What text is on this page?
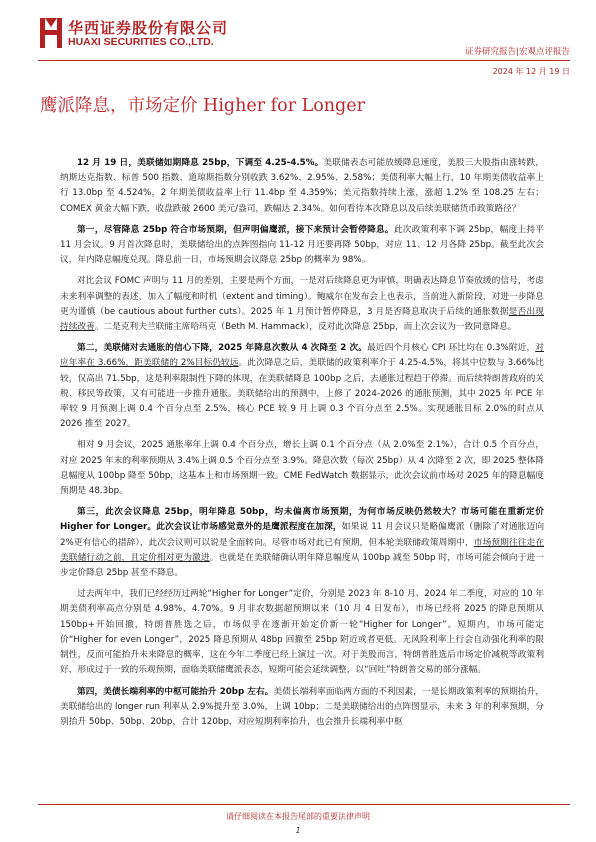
华西证券股份有限公司
HUAXI SECURITIES CO.,LTD.
证券研究报告|宏观点评报告
2024 年 12 月 19 日
鹰派降息，市场定价 Higher for Longer

12 月 19 日，美联储如期降息 25bp，下调至 4.25-4.5%。美联储表态可能放缓降息速度，美股三大股指由涨转跌，纳斯达克指数、标普 500 指数、道琼斯指数分别收跌 3.62%、2.95%、2.58%；美债利率大幅上行，10 年期美债收益率上行 13.0bp 至 4.524%，2 年期美债收益率上行 11.4bp 至 4.359%；美元指数持续上涨，涨超 1.2% 至 108.25 左右；COMEX 黄金大幅下跌，收盘跌破 2600 美元/盎司，跌幅达 2.34%。如何看待本次降息以及后续美联储货币政策路径？

第一，尽管降息 25bp 符合市场预期，但声明偏鹰派，接下来预计会暂停降息。此次政策利率下调 25bp，幅度上持平 11 月会议。9 月首次降息时，美联储给出的点阵图指向 11-12 月还要再降 50bp，对应 11、12 月各降 25bp。截至此次会议，年内降息幅度兑现。降息前一日，市场预期会议降息 25bp 的概率为 98%。

对比会议 FOMC 声明与 11 月的差别，主要是两个方面，一是对后续降息更为审慎，明确表达降息节奏放缓的信号，考虑未来利率调整的表述，加入了幅度和时机（extent and timing）。鲍威尔在发布会上也表示，当前进入新阶段，对进一步降息更为谨慎（be cautious about further cuts）。2025 年 1 月预计暂停降息，3 月是否降息取决于后续的通胀数据是否出现持续改善。二是克利夫兰联储主席哈玛克（Beth M. Hammack），反对此次降息 25bp，而上次会议为一致同意降息。

第二，美联储对去通胀的信心下降，2025 年降息次数从 4 次降至 2 次。最近四个月核心 CPI 环比均在 0.3%附近，对应年率在 3.66%，距美联储的 2%目标仍较远。此次降息之后，美联储的政策利率介于 4.25-4.5%，将其中位数与 3.66%比较，仅高出 71.5bp，这是利率限制性下降的体现，在美联储降息 100bp 之后，去通胀过程趋于停滞。而后续特朗普政府的关税、移民等政策，又有可能进一步推升通胀。美联储给出的预测中，上修了 2024-2026 的通胀预测，其中 2025 年 PCE 年率较 9 月预测上调 0.4 个百分点至 2.5%，核心 PCE 较 9 月上调 0.3 个百分点至 2.5%。实现通胀目标 2.0%的时点从 2026 推至 2027。

相对 9 月会议，2025 通胀率年上调 0.4 个百分点，增长上调 0.1 个百分点（从 2.0%至 2.1%），合计 0.5 个百分点，对应 2025 年末的利率预期从 3.4%上调 0.5 个百分点至 3.9%。降息次数（每次 25bp）从 4 次降至 2 次，即 2025 整体降息幅度从 100bp 降至 50bp，这基本上和市场预期一致。CME FedWatch 数据显示，此次会议前市场对 2025 年的降息幅度预期是 48.3bp。

第三，此次会议降息 25bp，明年降息 50bp，均未偏离市场预期，为何市场反映仍然较大？市场可能在重新定价 Higher for Longer。此次会议让市场感觉意外的是鹰派程度在加深，如果说 11 月会议只是略偏鹰派（删除了对通胀迈向 2%更有信心的措辞），此次会议则可以说是全面转向。尽管市场对此已有预期，但本轮美联储政策周期中，市场预期往往走在美联储行动之前，且定价相对更为激进。也就是在美联储确认明年降息幅度从 100bp 减至 50bp 时，市场可能会倾向于进一步定价降息 25bp 甚至不降息。

过去两年中，我们已经经历过两轮“Higher for Longer”定价，分别是 2023 年 8-10 月、2024 年二季度，对应的 10 年期美债利率高点分别是 4.98%、4.70%。9 月非农数据超预期以来（10 月 4 日发布），市场已经将 2025 的降息预期从 150bp+开始回撤，特朗普胜选之后，市场似乎在逐渐开始定价新一轮“Higher for Longer”。短期内，市场可能定价“Higher for even Longer”，2025 降息预期从 48bp 回撤至 25bp 附近或者更低。无风险利率上行会自动强化利率的限制性，反而可能抬升未来降息的概率，这在今年二季度已经上演过一次。对于美股而言，特朗普胜选后市场定价减税等政策利好，形成过于一致的乐观预期，面临美联储鹰派表态，短期可能会延续调整，以“回吐”特朗普交易的部分涨幅。

第四，美债长端利率的中枢可能抬升 20bp 左右。美债长端利率面临两方面的不利因素，一是长期政策利率的预期抬升，美联储给出的 longer run 利率从 2.9%提升至 3.0%，上调 10bp；二是美联储给出的点阵图显示，未来 3 年的利率预期，分别抬升 50bp、50bp、20bp，合计 120bp，对应短期利率抬升，也会推升长端利率中枢

请仔细阅读在本报告尾部的重要法律声明
1
